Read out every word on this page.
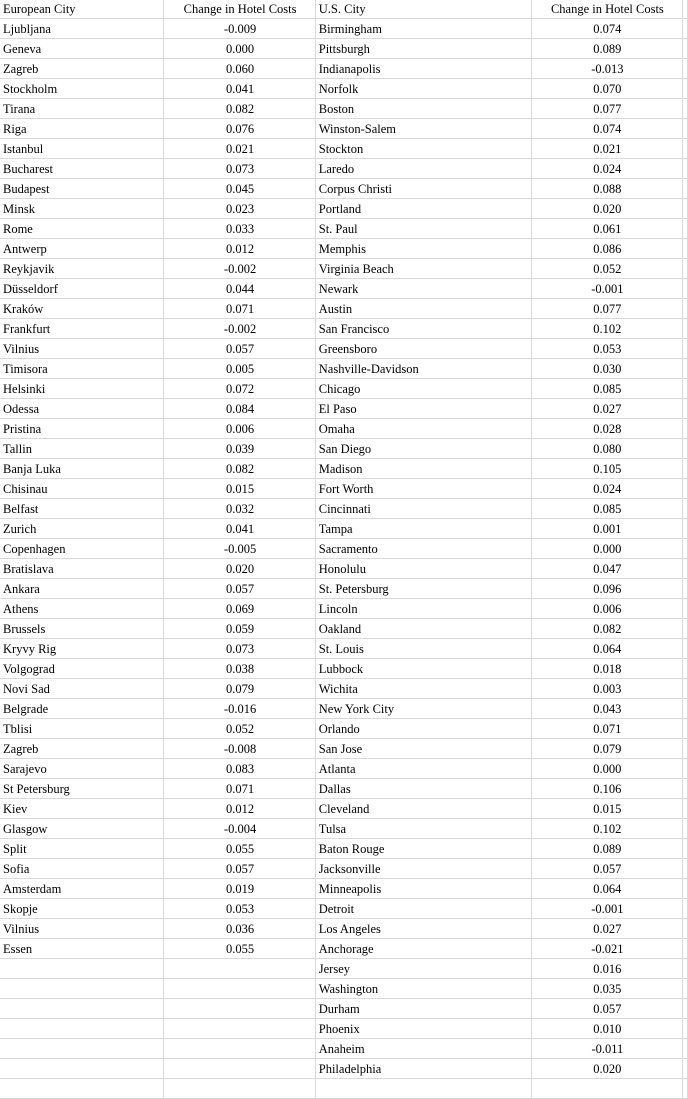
European City	Change in Hotel Costs	U.S. City	Change in Hotel Costs	
Ljubljana	-0.009	Birmingham	0.074	
Geneva	0.000	Pittsburgh	0.089	
Zagreb	0.060	Indianapolis	-0.013	
Stockholm	0.041	Norfolk	0.070	
Tirana	0.082	Boston	0.077	
Riga	0.076	Winston-Salem	0.074	
Istanbul	0.021	Stockton	0.021	
Bucharest	0.073	Laredo	0.024	
Budapest	0.045	Corpus Christi	0.088	
Minsk	0.023	Portland	0.020	
Rome	0.033	St. Paul	0.061	
Antwerp	0.012	Memphis	0.086	
Reykjavik	-0.002	Virginia Beach	0.052	
Düsseldorf	0.044	Newark	-0.001	
Kraków	0.071	Austin	0.077	
Frankfurt	-0.002	San Francisco	0.102	
Vilnius	0.057	Greensboro	0.053	
Timisora	0.005	Nashville-Davidson	0.030	
Helsinki	0.072	Chicago	0.085	
Odessa	0.084	El Paso	0.027	
Pristina	0.006	Omaha	0.028	
Tallin	0.039	San Diego	0.080	
Banja Luka	0.082	Madison	0.105	
Chisinau	0.015	Fort Worth	0.024	
Belfast	0.032	Cincinnati	0.085	
Zurich	0.041	Tampa	0.001	
Copenhagen	-0.005	Sacramento	0.000	
Bratislava	0.020	Honolulu	0.047	
Ankara	0.057	St. Petersburg	0.096	
Athens	0.069	Lincoln	0.006	
Brussels	0.059	Oakland	0.082	
Kryvy Rig	0.073	St. Louis	0.064	
Volgograd	0.038	Lubbock	0.018	
Novi Sad	0.079	Wichita	0.003	
Belgrade	-0.016	New York City	0.043	
Tblisi	0.052	Orlando	0.071	
Zagreb	-0.008	San Jose	0.079	
Sarajevo	0.083	Atlanta	0.000	
St Petersburg	0.071	Dallas	0.106	
Kiev	0.012	Cleveland	0.015	
Glasgow	-0.004	Tulsa	0.102	
Split	0.055	Baton Rouge	0.089	
Sofia	0.057	Jacksonville	0.057	
Amsterdam	0.019	Minneapolis	0.064	
Skopje	0.053	Detroit	-0.001	
Vilnius	0.036	Los Angeles	0.027	
Essen	0.055	Anchorage	-0.021	
		Jersey	0.016	
		Washington	0.035	
		Durham	0.057	
		Phoenix	0.010	
		Anaheim	-0.011	
		Philadelphia	0.020	
